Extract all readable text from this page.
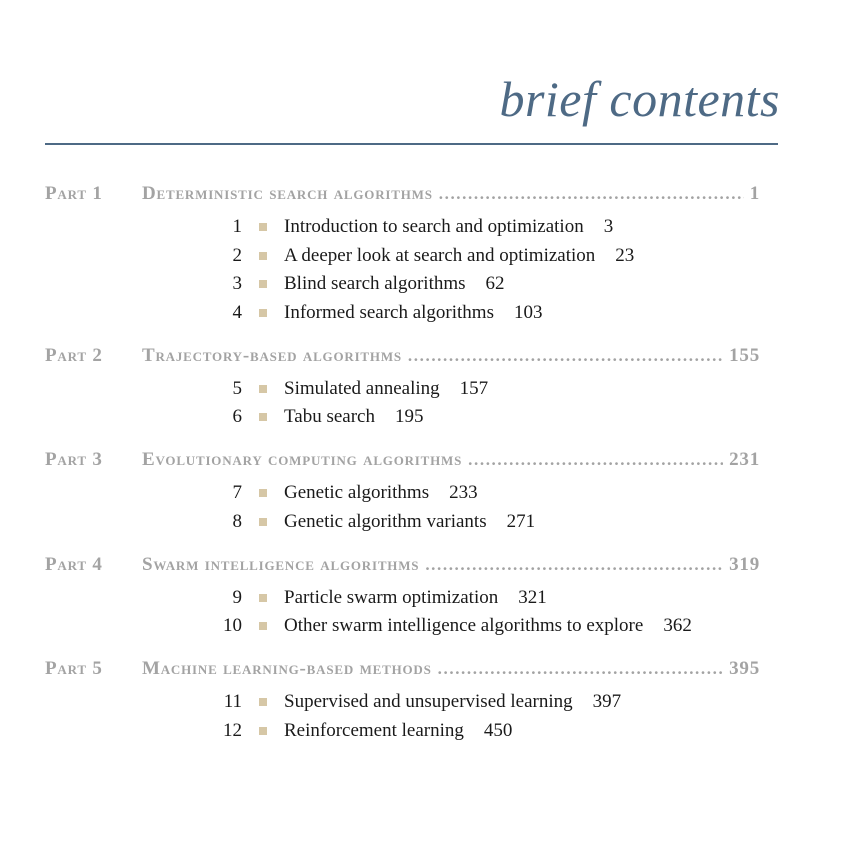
brief contents
Part 1	Deterministic search algorithms .....	1
1 Introduction to search and optimization 3
2 A deeper look at search and optimization 23
3 Blind search algorithms 62
4 Informed search algorithms 103
Part 2	Trajectory-based algorithms .....	155
5 Simulated annealing 157
6 Tabu search 195
Part 3	Evolutionary computing algorithms .....	231
7 Genetic algorithms 233
8 Genetic algorithm variants 271
Part 4	Swarm intelligence algorithms .....	319
9 Particle swarm optimization 321
10 Other swarm intelligence algorithms to explore 362
Part 5	Machine learning-based methods .....	395
11 Supervised and unsupervised learning 397
12 Reinforcement learning 450
